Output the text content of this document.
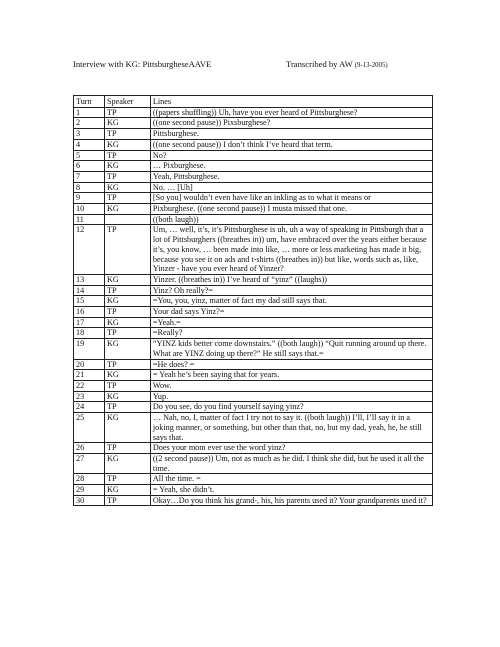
Interview with KG: PittsburgheseAAVE	Transcribed by AW (9-13-2005)
Turn	Speaker	Lines
1	TP	((papers shuffling)) Uh, have you ever heard of Pittsburghese?
2	KG	((one second pause)) Pixsburghese?
3	TP	Pittsburghese.
4	KG	((one second pause)) I don’t think I’ve heard that term.
5	TP	No?
6	KG	… Pixburghese.
7	TP	Yeah, Pittsburghese.
8	KG	No. … [Uh]
9	TP	[So you] wouldn’t even have like an inkling as to what it means or
10	KG	Pixburghese. ((one second pause)) I musta missed that one.
11		((both laugh))
12	TP	Um, … well, it’s, it’s Pittsburghese is uh, uh a way of speaking in Pittsburgh that a lot of Pittsburghers ((breathes in)) um, have embraced over the years either because it’s, you know, … been made into like, … more or less marketing has made it big, because you see it on ads and t-shirts ((breathes in)) but like, words such as, like, Yinzer - have you ever heard of Yinzer?
13	KG	Yinzer. ((breathes in)) I’ve heard of “yinz” ((laughs))
14	TP	Yinz? Oh really?=
15	KG	=You, you, yinz, matter of fact my dad still says that.
16	TP	Your dad says Yinz?=
17	KG	=Yeah.=
18	TP	=Really?
19	KG	“YINZ kids better come downstairs.” ((both laugh)) “Quit running around up there. What are YINZ doing up there?” He still says that.=
20	TP	=He does? =
21	KG	= Yeah he’s been saying that for years.
22	TP	Wow.
23	KG	Yup.
24	TP	Do you see, do you find yourself saying yinz?
25	KG	… Nah, no, I, matter of fact I try not to say it. ((both laugh)) I’ll, I’ll say it in a joking manner, or something, but other than that, no, but my dad, yeah, he, he still says that.
26	TP	Does your mom ever use the word yinz?
27	KG	((2 second pause)) Um, not as much as he did. I think she did, but he used it all the time.
28	TP	All the time. =
29	KG	= Yeah, she didn’t.
30	TP	Okay…Do you think his grand-, his, his parents used it? Your grandparents used it?
